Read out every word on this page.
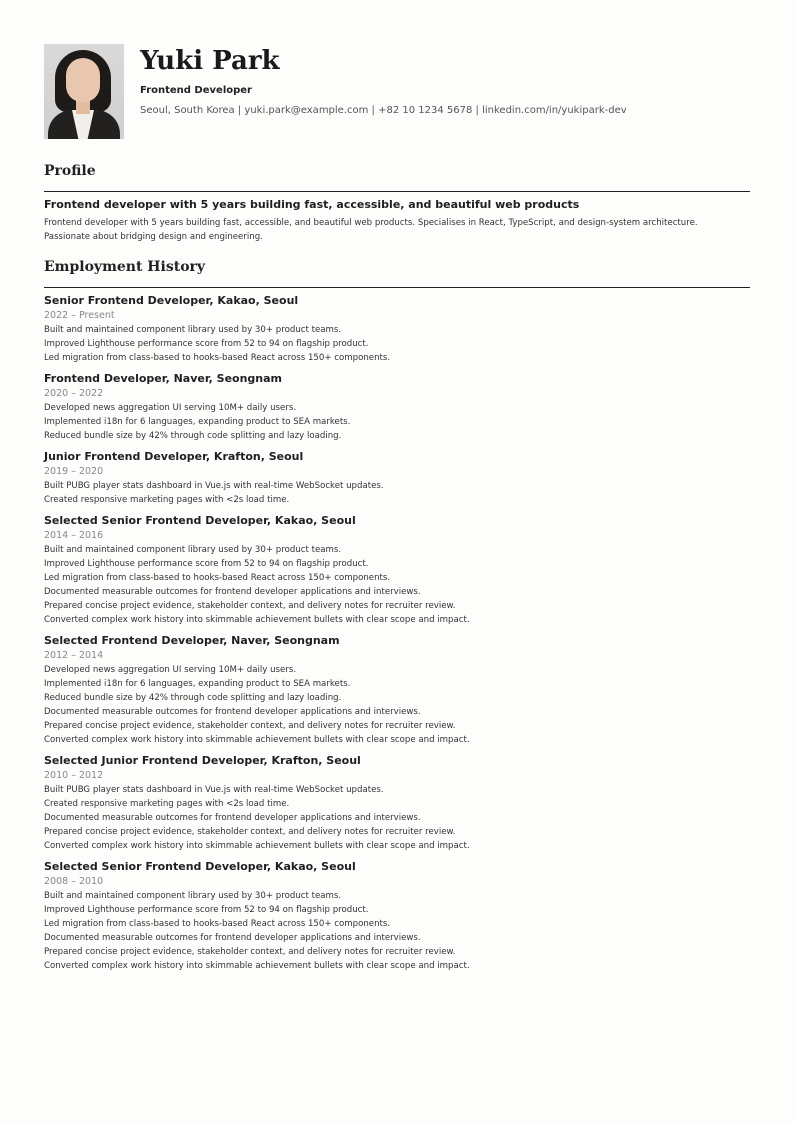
Yuki Park
Frontend Developer
Seoul, South Korea | yuki.park@example.com | +82 10 1234 5678 | linkedin.com/in/yukipark-dev
Profile
Frontend developer with 5 years building fast, accessible, and beautiful web products
Frontend developer with 5 years building fast, accessible, and beautiful web products. Specialises in React, TypeScript, and design-system architecture.
Passionate about bridging design and engineering.
Employment History
Senior Frontend Developer, Kakao, Seoul
2022 – Present
Built and maintained component library used by 30+ product teams.
Improved Lighthouse performance score from 52 to 94 on flagship product.
Led migration from class-based to hooks-based React across 150+ components.
Frontend Developer, Naver, Seongnam
2020 – 2022
Developed news aggregation UI serving 10M+ daily users.
Implemented i18n for 6 languages, expanding product to SEA markets.
Reduced bundle size by 42% through code splitting and lazy loading.
Junior Frontend Developer, Krafton, Seoul
2019 – 2020
Built PUBG player stats dashboard in Vue.js with real-time WebSocket updates.
Created responsive marketing pages with <2s load time.
Selected Senior Frontend Developer, Kakao, Seoul
2014 – 2016
Built and maintained component library used by 30+ product teams.
Improved Lighthouse performance score from 52 to 94 on flagship product.
Led migration from class-based to hooks-based React across 150+ components.
Documented measurable outcomes for frontend developer applications and interviews.
Prepared concise project evidence, stakeholder context, and delivery notes for recruiter review.
Converted complex work history into skimmable achievement bullets with clear scope and impact.
Selected Frontend Developer, Naver, Seongnam
2012 – 2014
Developed news aggregation UI serving 10M+ daily users.
Implemented i18n for 6 languages, expanding product to SEA markets.
Reduced bundle size by 42% through code splitting and lazy loading.
Documented measurable outcomes for frontend developer applications and interviews.
Prepared concise project evidence, stakeholder context, and delivery notes for recruiter review.
Converted complex work history into skimmable achievement bullets with clear scope and impact.
Selected Junior Frontend Developer, Krafton, Seoul
2010 – 2012
Built PUBG player stats dashboard in Vue.js with real-time WebSocket updates.
Created responsive marketing pages with <2s load time.
Documented measurable outcomes for frontend developer applications and interviews.
Prepared concise project evidence, stakeholder context, and delivery notes for recruiter review.
Converted complex work history into skimmable achievement bullets with clear scope and impact.
Selected Senior Frontend Developer, Kakao, Seoul
2008 – 2010
Built and maintained component library used by 30+ product teams.
Improved Lighthouse performance score from 52 to 94 on flagship product.
Led migration from class-based to hooks-based React across 150+ components.
Documented measurable outcomes for frontend developer applications and interviews.
Prepared concise project evidence, stakeholder context, and delivery notes for recruiter review.
Converted complex work history into skimmable achievement bullets with clear scope and impact.
